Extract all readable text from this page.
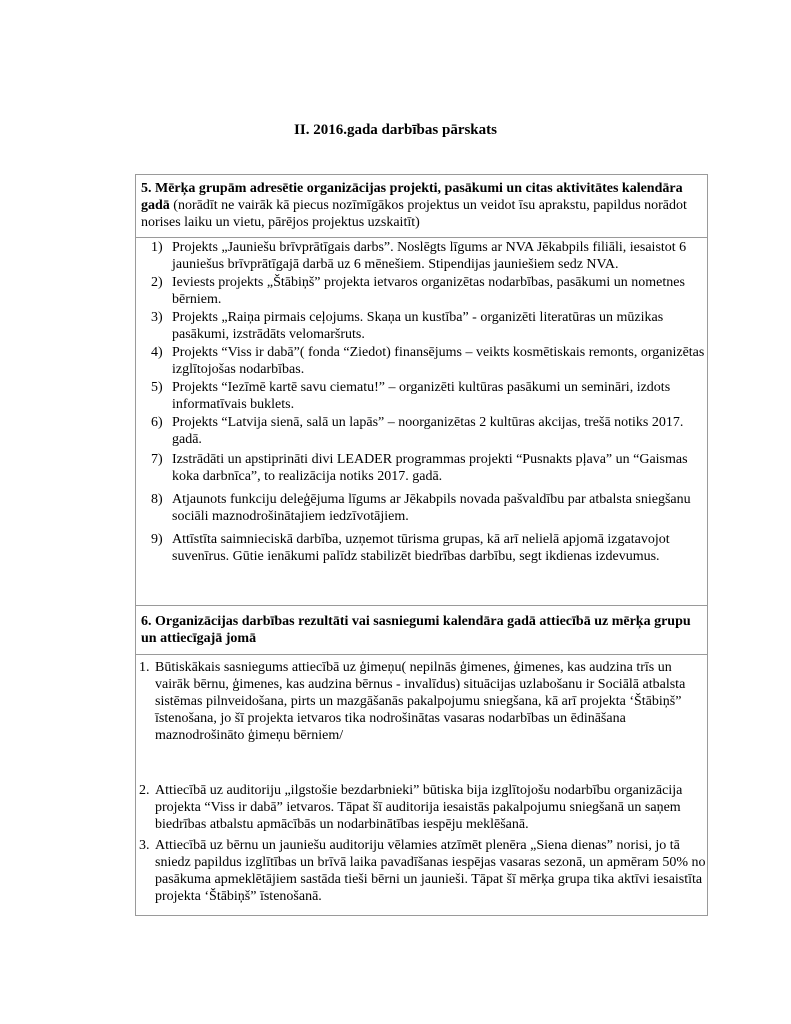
II. 2016.gada darbības pārskats
5. Mērķa grupām adresētie organizācijas projekti, pasākumi un citas aktivitātes kalendāra gadā (norādīt ne vairāk kā piecus nozīmīgākos projektus un veidot īsu aprakstu, papildus norādot norises laiku un vietu, pārējos projektus uzskaitīt)
1) Projekts „Jauniešu brīvprātīgais darbs”. Noslēgts līgums ar NVA Jēkabpils filiāli, iesaistot 6 jauniešus brīvprātīgajā darbā uz 6 mēnešiem. Stipendijas jauniešiem sedz NVA.
2) Ieviests projekts „Štābiņš” projekta ietvaros organizētas nodarbības, pasākumi un nometnes bērniem.
3) Projekts „Raiņa pirmais ceļojums. Skaņa un kustība” - organizēti literatūras un mūzikas pasākumi, izstrādāts velomaršruts.
4) Projekts “Viss ir dabā”( fonda “Ziedot) finansējums – veikts kosmētiskais remonts, organizētas izglītojošas nodarbības.
5) Projekts “Iezīmē kartē savu ciematu!” – organizēti kultūras pasākumi un semināri, izdots informatīvais buklets.
6) Projekts “Latvija sienā, salā un lapās” – noorganizētas 2 kultūras akcijas, trešā notiks 2017. gadā.
7) Izstrādāti un apstiprināti divi LEADER programmas projekti “Pusnakts pļava” un “Gaismas koka darbnīca”, to realizācija notiks 2017. gadā.
8) Atjaunots funkciju deleģējuma līgums ar Jēkabpils novada pašvaldību par atbalsta sniegšanu sociāli maznodrošinātajiem iedzīvotājiem.
9) Attīstīta saimnieciskā darbība, uzņemot tūrisma grupas, kā arī nelielā apjomā izgatavojot suvenīrus. Gūtie ienākumi palīdz stabilizēt biedrības darbību, segt ikdienas izdevumus.
6. Organizācijas darbības rezultāti vai sasniegumi kalendāra gadā attiecībā uz mērķa grupu un attiecīgajā jomā
1. Būtiskākais sasniegums attiecībā uz ģimeņu( nepilnās ģimenes, ģimenes, kas audzina trīs un vairāk bērnu, ģimenes, kas audzina bērnus - invalīdus) situācijas uzlabošanu ir Sociālā atbalsta sistēmas pilnveidošana, pirts un mazgāšanās pakalpojumu sniegšana, kā arī projekta ‘Štābiņš” īstenošana, jo šī projekta ietvaros tika nodrošinātas vasaras nodarbības un ēdināšana maznodrošināto ģimeņu bērniem/
2. Attiecībā uz auditoriju „ilgstošie bezdarbnieki” būtiska bija izglītojošu nodarbību organizācija projekta “Viss ir dabā” ietvaros. Tāpat šī auditorija iesaistās pakalpojumu sniegšanā un saņem biedrības atbalstu apmācībās un nodarbinātības iespēju meklēšanā.
3. Attiecībā uz bērnu un jauniešu auditoriju vēlamies atzīmēt plenēra „Siena dienas” norisi, jo tā sniedz papildus izglītības un brīvā laika pavadīšanas iespējas vasaras sezonā, un apmēram 50% no pasākuma apmeklētājiem sastāda tieši bērni un jaunieši. Tāpat šī mērķa grupa tika aktīvi iesaistīta projekta ‘Štābiņš” īstenošanā.
